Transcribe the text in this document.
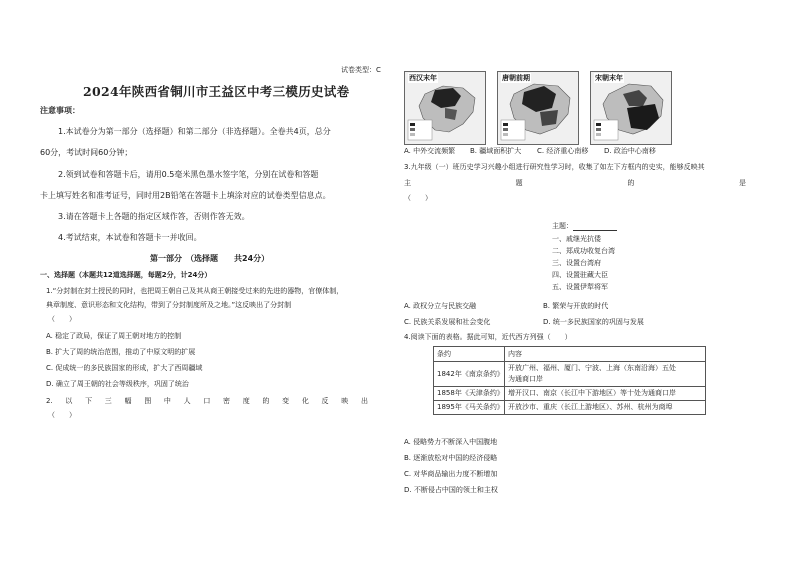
试卷类型：C
2024年陕西省铜川市王益区中考三模历史试卷
注意事项：
1.本试卷分为第一部分（选择题）和第二部分（非选择题）。全卷共4页，总分
60分，考试时间60分钟；
2.领到试卷和答题卡后，请用0.5毫米黑色墨水签字笔，分别在试卷和答题
卡上填写姓名和准考证号，同时用2B铅笔在答题卡上填涂对应的试卷类型信息点。
3.请在答题卡上各题的指定区域作答，否则作答无效。
4.考试结束，本试卷和答题卡一并收回。
第一部分　（选择题　　共24分）
一、选择题（本题共12道选择题，每题2分，计24分）
1.“分封制在封土授民的同时，也把周王朝自己及其从商王朝接受过来的先进的器物，官僚体制，
典章制度、意识形态和文化结构，带到了分封制度所及之地。”这反映出了分封制
（　　）
A. 稳定了政局，保证了周王朝对地方的控制
B. 扩大了周的统治范围，推动了中原文明的扩展
C. 促成统一的多民族国家的形成，扩大了西周疆域
D. 确立了周王朝的社会等级秩序，巩固了统治
2. 以 下 三 幅 图 中 人 口 密 度 的 变 化 反 映 出
（　　）
西汉末年	唐朝前期	宋朝末年
A. 中外交流频繁 B. 疆域面积扩大 C. 经济重心南移 D. 政治中心南移
3.九年级（一）班历史学习兴趣小组进行研究性学习时，收集了如左下方框内的史实，能够反映其
主	题	的	是
（　　）
主题：
一、戚继光抗倭
二、郑成功收复台湾
三、设置台湾府
四、设置驻藏大臣
五、设置伊犁将军
A. 政权分立与民族交融	B. 繁荣与开放的时代
C. 民族关系发展和社会变化	D. 统一多民族国家的巩固与发展
4.阅读下面的表格。据此可知，近代西方列强（　　）
条约	内容
1842年《南京条约》	开放广州、福州、厦门、宁波、上海（东南沿海）五处
为通商口岸

1858年《天津条约》	增开汉口、南京（长江中下游地区）等十处为通商口岸
1895年《马关条约》	开放沙市、重庆（长江上游地区）、苏州、杭州为商埠
A. 侵略势力不断深入中国腹地
B. 逐渐放松对中国的经济侵略
C. 对华商品输出力度不断增加
D. 不断侵占中国的领土和主权
